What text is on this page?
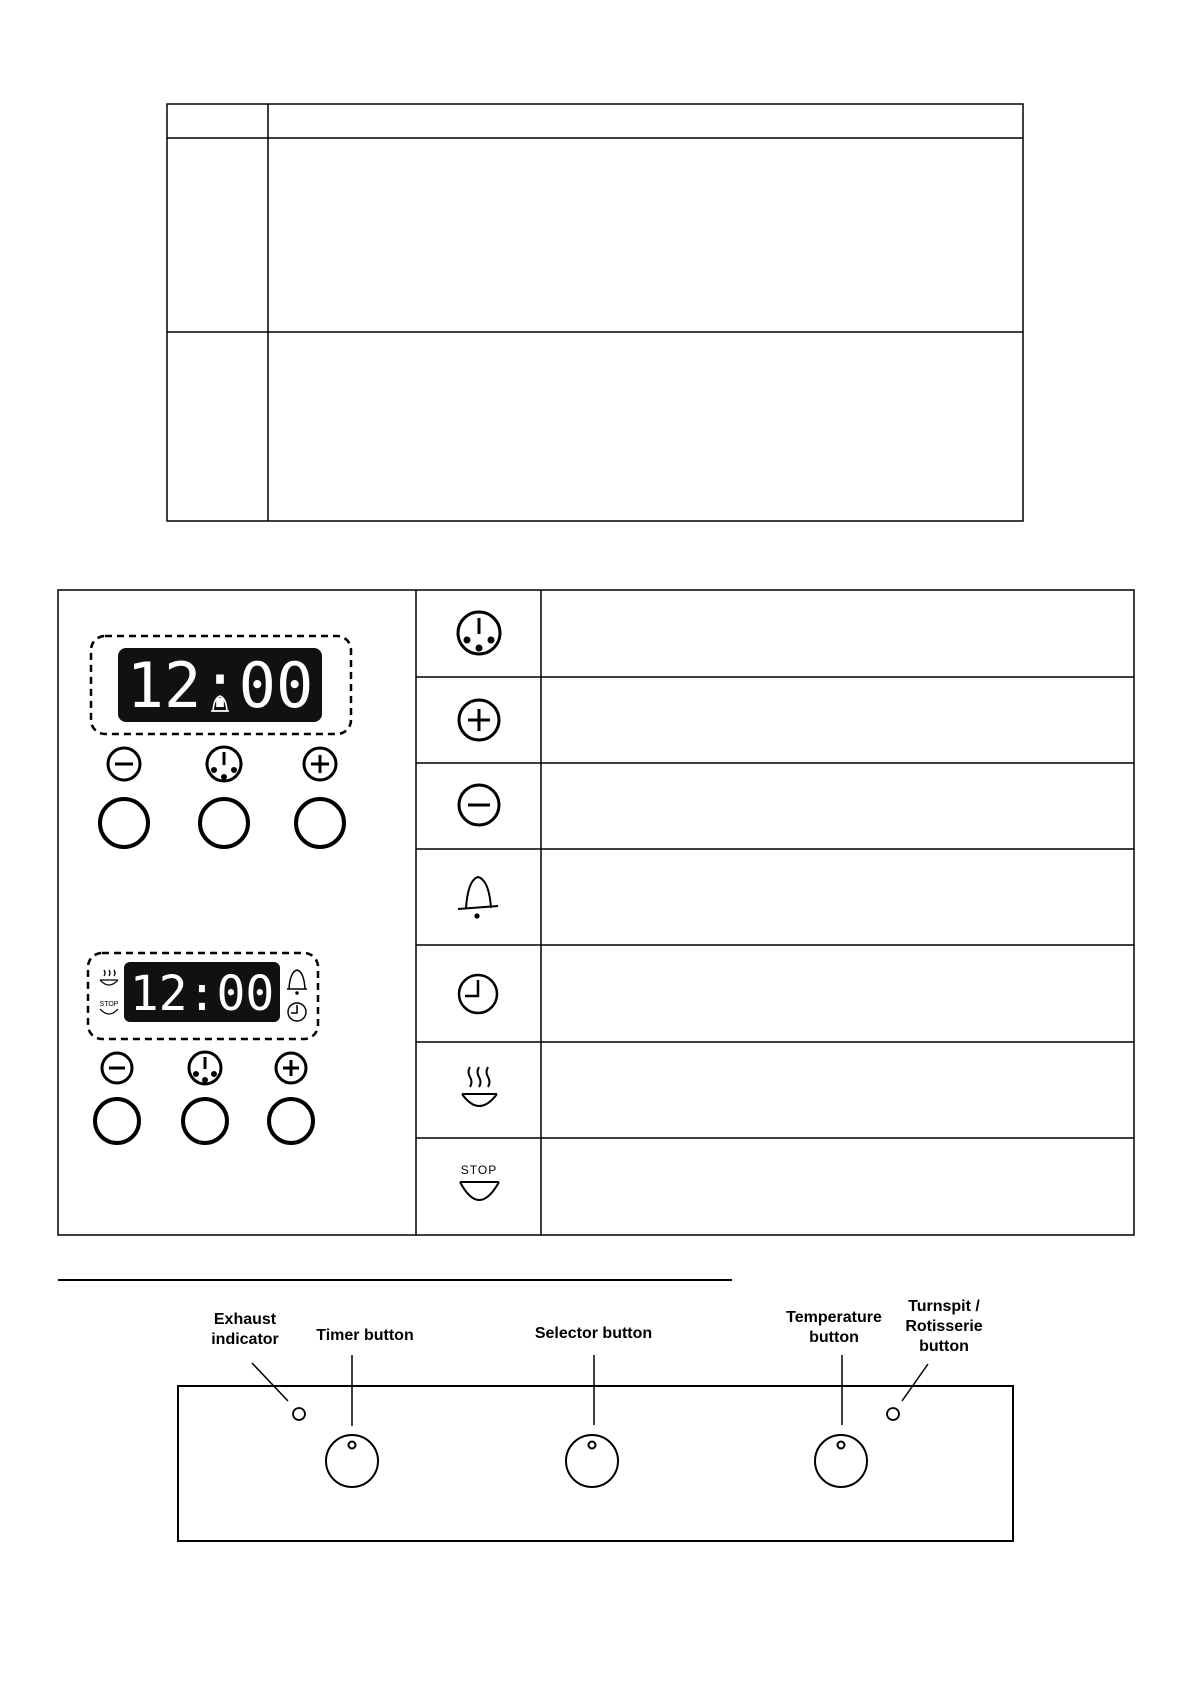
12:00
12:00
STOP
STOP
Exhaust
indicator	Timer button	Selector button
Temperature
button
Turnspit /
Rotisserie
button
